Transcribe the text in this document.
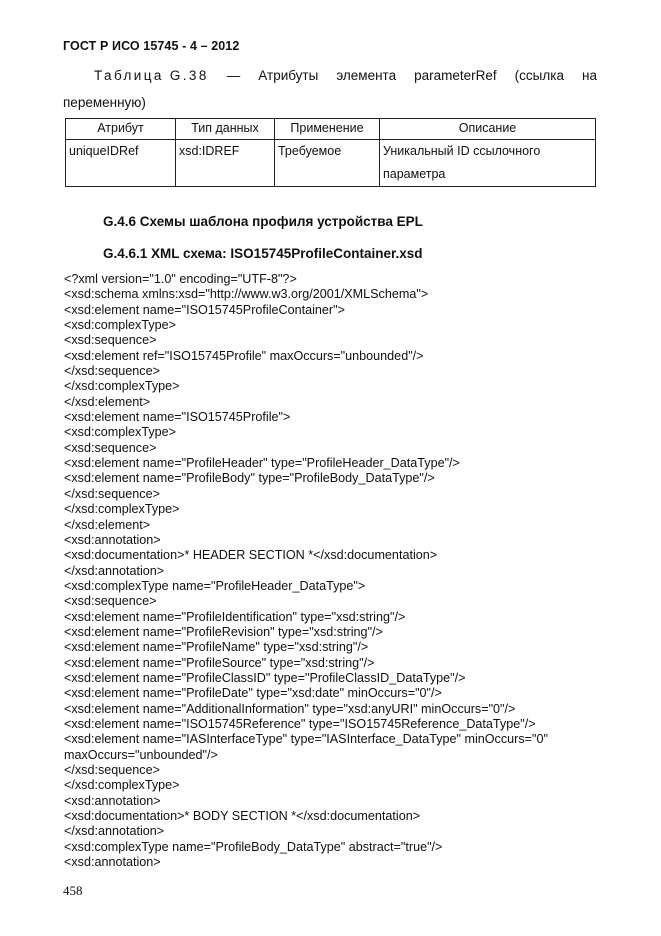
ГОСТ Р ИСО 15745 - 4 – 2012
Таблица G.38 — Атрибуты элемента parameterRef (ссылка на
переменную)
Атрибут	Тип данных	Применение	Описание
uniqueIDRef	xsd:IDREF	Требуемое	Уникальный ID ссылочного параметра
G.4.6 Схемы шаблона профиля устройства EPL
G.4.6.1 XML схема: ISO15745ProfileContainer.xsd
<?xml version="1.0" encoding="UTF-8"?>
<xsd:schema xmlns:xsd="http://www.w3.org/2001/XMLSchema">
<xsd:element name="ISO15745ProfileContainer">
<xsd:complexType>
<xsd:sequence>
<xsd:element ref="ISO15745Profile" maxOccurs="unbounded"/>
</xsd:sequence>
</xsd:complexType>
</xsd:element>
<xsd:element name="ISO15745Profile">
<xsd:complexType>
<xsd:sequence>
<xsd:element name="ProfileHeader" type="ProfileHeader_DataType"/>
<xsd:element name="ProfileBody" type="ProfileBody_DataType"/>
</xsd:sequence>
</xsd:complexType>
</xsd:element>
<xsd:annotation>
<xsd:documentation>* HEADER SECTION *</xsd:documentation>
</xsd:annotation>
<xsd:complexType name="ProfileHeader_DataType">
<xsd:sequence>
<xsd:element name="ProfileIdentification" type="xsd:string"/>
<xsd:element name="ProfileRevision" type="xsd:string"/>
<xsd:element name="ProfileName" type="xsd:string"/>
<xsd:element name="ProfileSource" type="xsd:string"/>
<xsd:element name="ProfileClassID" type="ProfileClassID_DataType"/>
<xsd:element name="ProfileDate" type="xsd:date" minOccurs="0"/>
<xsd:element name="AdditionalInformation" type="xsd:anyURI" minOccurs="0"/>
<xsd:element name="ISO15745Reference" type="ISO15745Reference_DataType"/>
<xsd:element name="IASInterfaceType" type="IASInterface_DataType" minOccurs="0" maxOccurs="unbounded"/>
</xsd:sequence>
</xsd:complexType>
<xsd:annotation>
<xsd:documentation>* BODY SECTION *</xsd:documentation>
</xsd:annotation>
<xsd:complexType name="ProfileBody_DataType" abstract="true"/>
<xsd:annotation>
458
